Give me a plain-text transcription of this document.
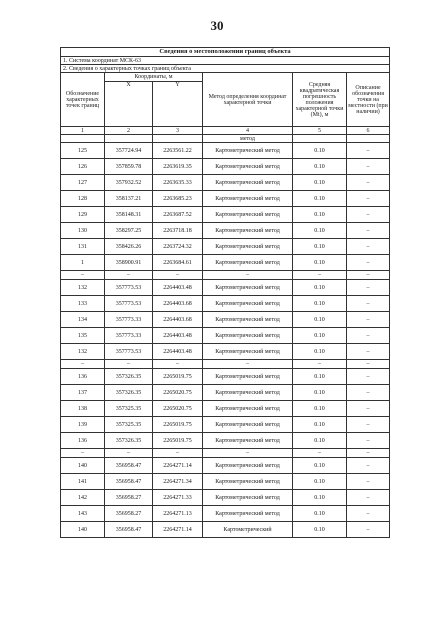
30
Сведения о местоположении границ объекта					
1. Система координат МСК-63					
2. Сведения о характерных точках границ объекта					
Обозначение характерных точек границ	Координаты, м		Метод определения координат характерной точки	Средняя квадратическая погрешность положения характерной точки (Mt), м	Описание обозначения точки на местности (при наличии)
	X	Y			
1	2	3	4	5	6
			метод		
125	357724.94	2263561.22	Картометрический метод	0.10	–
126	357859.78	2263619.35	Картометрический метод	0.10	–
127	357932.52	2263635.33	Картометрический метод	0.10	–
128	358137.21	2263685.23	Картометрический метод	0.10	–
129	358148.31	2263687.52	Картометрический метод	0.10	–
130	358297.25	2263718.18	Картометрический метод	0.10	–
131	358426.26	2263724.32	Картометрический метод	0.10	–
1	358900.91	2263684.61	Картометрический метод	0.10	–
–	–	–	–	–	–
132	357773.53	2264403.48	Картометрический метод	0.10	–
133	357773.53	2264403.68	Картометрический метод	0.10	–
134	357773.33	2264403.68	Картометрический метод	0.10	–
135	357773.33	2264403.48	Картометрический метод	0.10	–
132	357773.53	2264403.48	Картометрический метод	0.10	–
–	–	–	–	–	–
136	357326.35	2265019.75	Картометрический метод	0.10	–
137	357326.35	2265020.75	Картометрический метод	0.10	–
138	357325.35	2265020.75	Картометрический метод	0.10	–
139	357325.35	2265019.75	Картометрический метод	0.10	–
136	357326.35	2265019.75	Картометрический метод	0.10	–
–	–	–	–	–	–
140	356958.47	2264271.14	Картометрический метод	0.10	–
141	356958.47	2264271.34	Картометрический метод	0.10	–
142	356958.27	2264271.33	Картометрический метод	0.10	–
143	356958.27	2264271.13	Картометрический метод	0.10	–
140	356958.47	2264271.14	Картометрический	0.10	–
